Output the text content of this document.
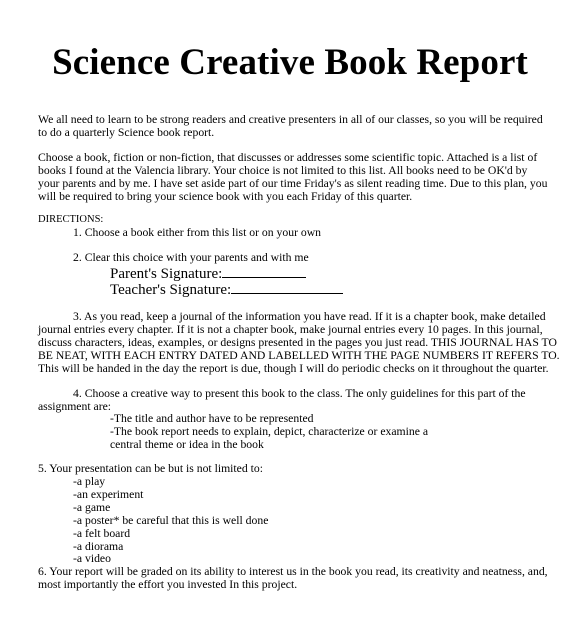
Science Creative Book Report
We all need to learn to be strong readers and creative presenters in all of our classes, so you will be required
to do a quarterly Science book report.
Choose a book, fiction or non-fiction, that discusses or addresses some scientific topic. Attached is a list of
books I found at the Valencia library. Your choice is not limited to this list. All books need to be OK'd by
your parents and by me. I have set aside part of our time Friday's as silent reading time. Due to this plan, you
will be required to bring your science book with you each Friday of this quarter.
DIRECTIONS:
1. Choose a book either from this list or on your own
2. Clear this choice with your parents and with me
Parent's Signature:
Teacher's Signature:
3. As you read, keep a journal of the information you have read. If it is a chapter book, make detailed
journal entries every chapter. If it is not a chapter book, make journal entries every 10 pages. In this journal,
discuss characters, ideas, examples, or designs presented in the pages you just read. THIS JOURNAL HAS TO
BE NEAT, WITH EACH ENTRY DATED AND LABELLED WITH THE PAGE NUMBERS IT REFERS TO.
This will be handed in the day the report is due, though I will do periodic checks on it throughout the quarter.
4. Choose a creative way to present this book to the class. The only guidelines for this part of the
assignment are:
-The title and author have to be represented
-The book report needs to explain, depict, characterize or examine a
central theme or idea in the book
5. Your presentation can be but is not limited to:
-a play
-an experiment
-a game
-a poster* be careful that this is well done
-a felt board
-a diorama
-a video
6. Your report will be graded on its ability to interest us in the book you read, its creativity and neatness, and,
most importantly the effort you invested In this project.
